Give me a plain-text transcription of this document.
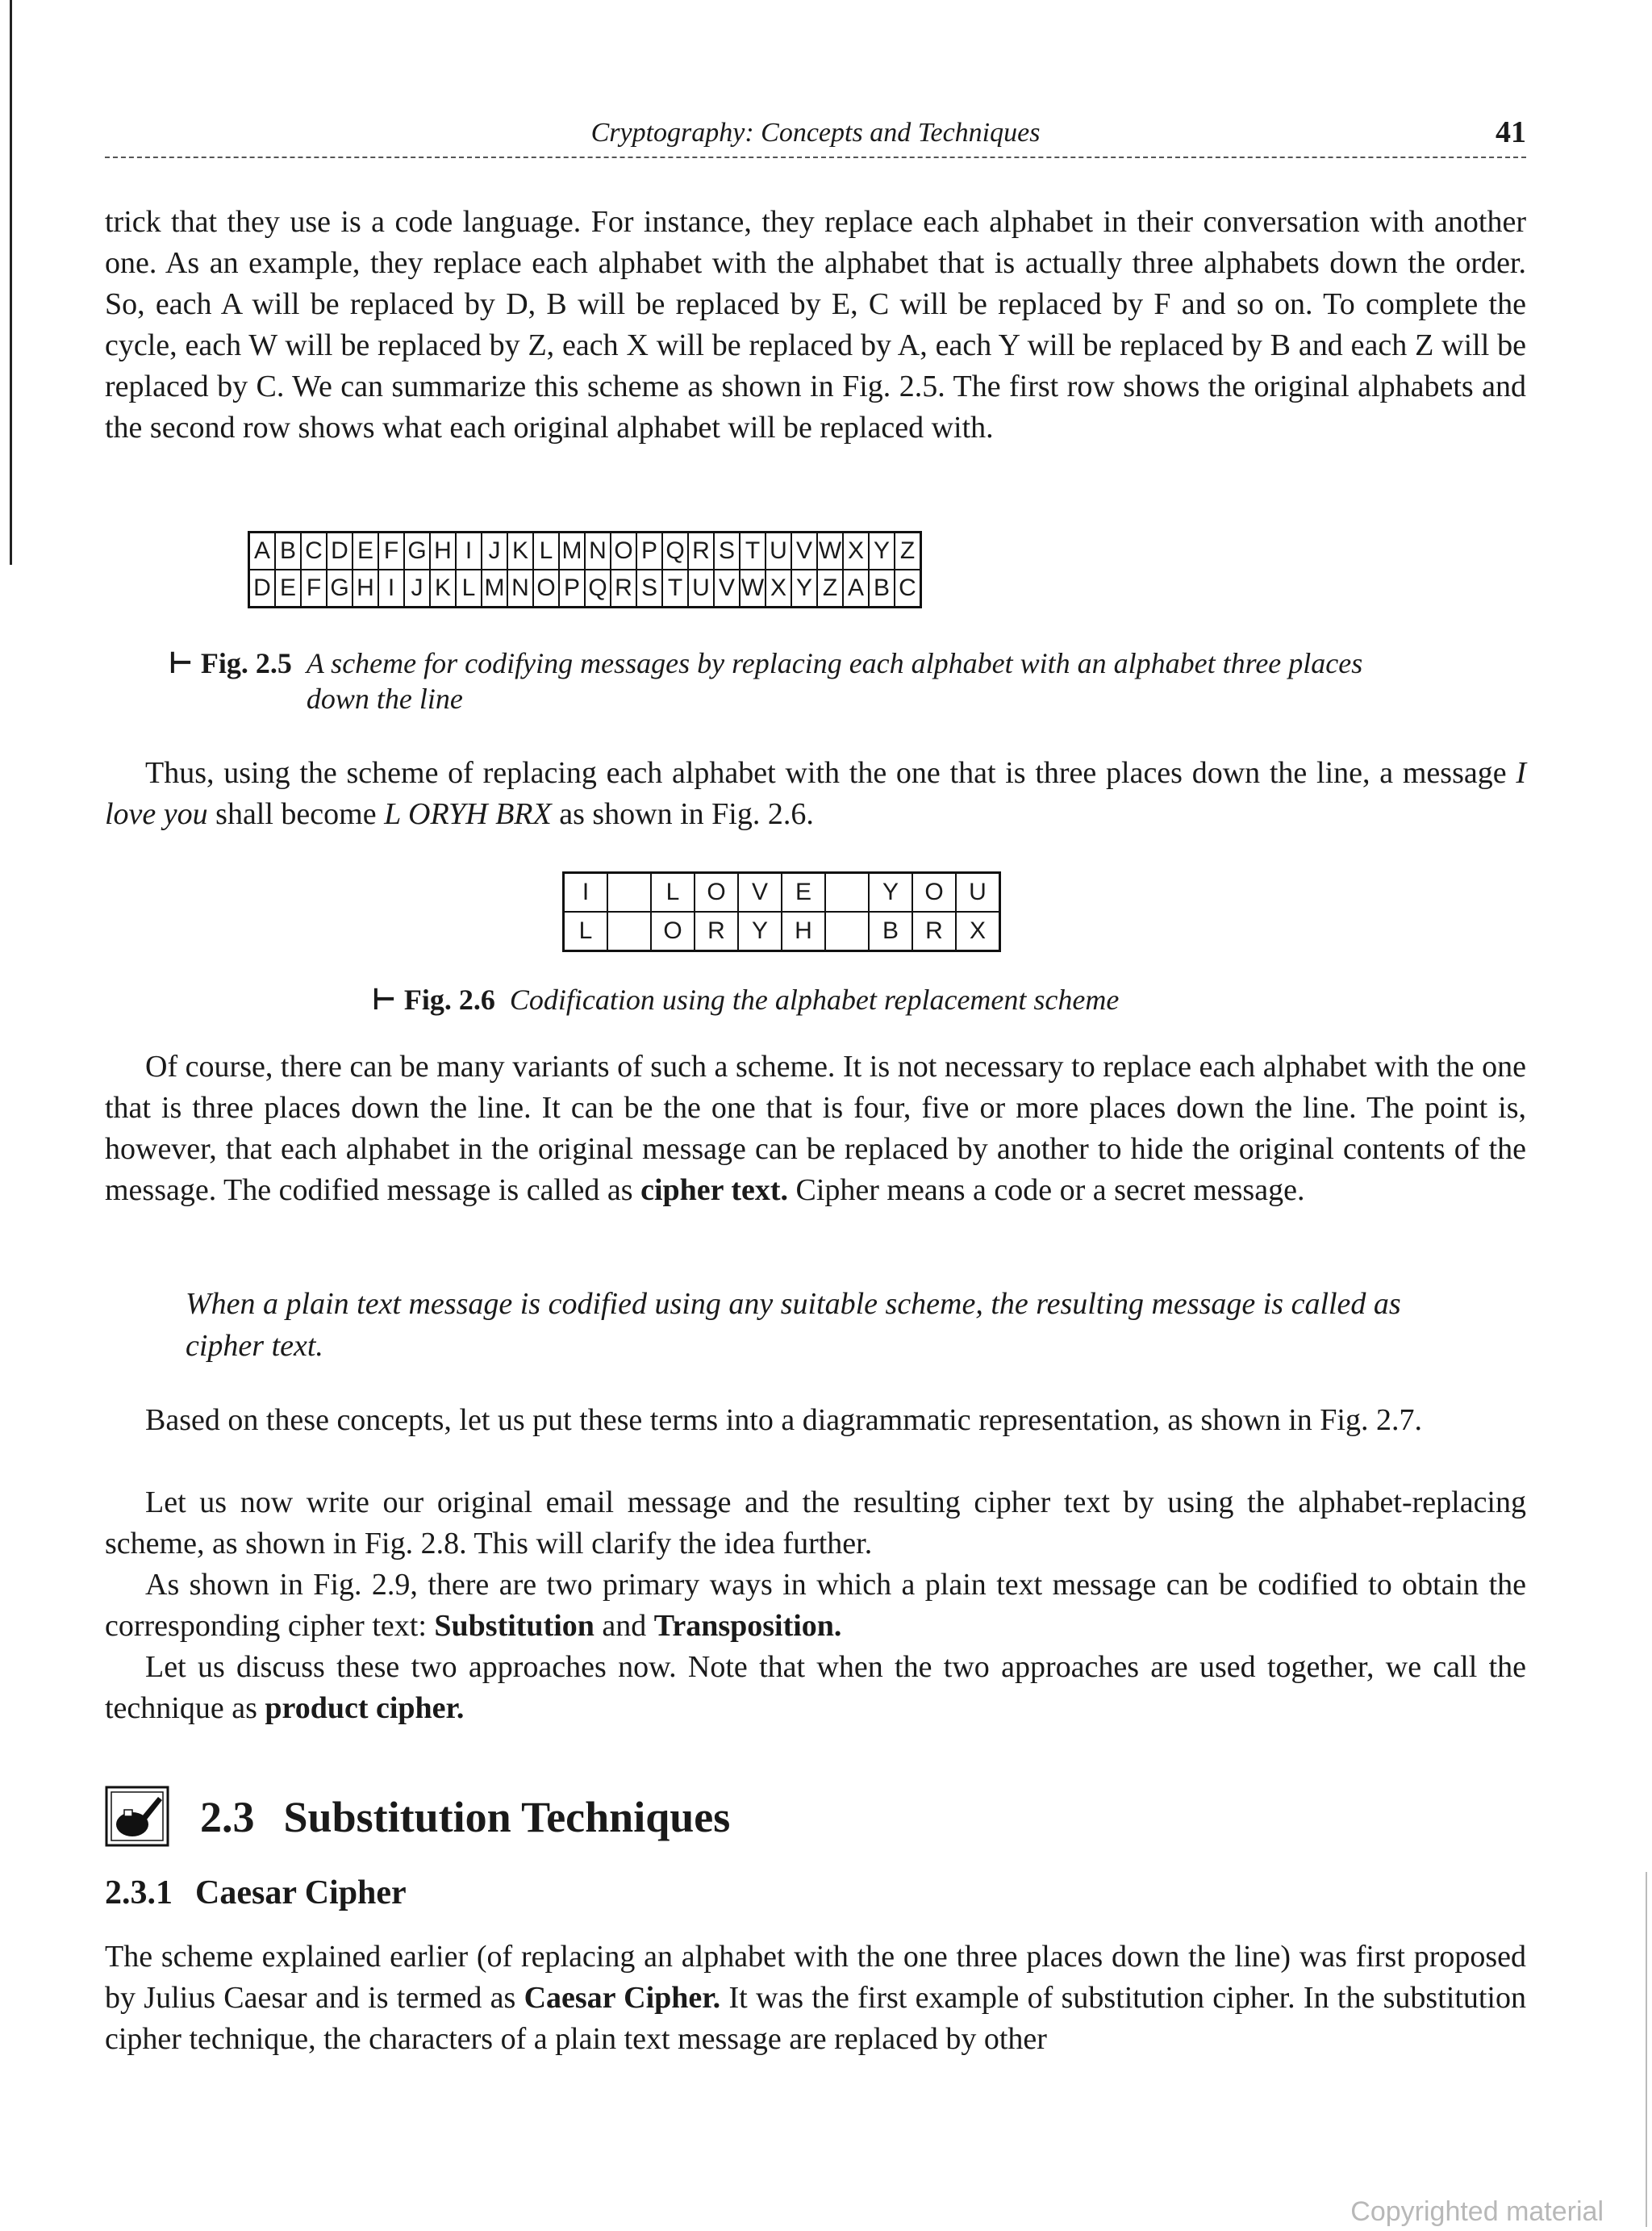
Cryptography: Concepts and Techniques	41

trick that they use is a code language. For instance, they replace each alphabet in their conversation with another one. As an example, they replace each alphabet with the alphabet that is actually three alphabets down the order. So, each A will be replaced by D, B will be replaced by E, C will be replaced by F and so on. To complete the cycle, each W will be replaced by Z, each X will be replaced by A, each Y will be replaced by B and each Z will be replaced by C. We can summarize this scheme as shown in Fig. 2.5. The first row shows the original alphabets and the second row shows what each original alphabet will be replaced with.

A	B	C	D	E	F	G	H	I	J	K	L	M	N	O	P	Q	R	S	T	U	V	W	X	Y	Z
D	E	F	G	H	I	J	K	L	M	N	O	P	Q	R	S	T	U	V	W	X	Y	Z	A	B	C
⊢ Fig. 2.5 A scheme for codifying messages by replacing each alphabet with an alphabet three places down the line

Thus, using the scheme of replacing each alphabet with the one that is three places down the line, a message I love you shall become L ORYH BRX as shown in Fig. 2.6.

I		L	O	V	E		Y	O	U
L		O	R	Y	H		B	R	X
⊢ Fig. 2.6 Codification using the alphabet replacement scheme

Of course, there can be many variants of such a scheme. It is not necessary to replace each alphabet with the one that is three places down the line. It can be the one that is four, five or more places down the line. The point is, however, that each alphabet in the original message can be replaced by another to hide the original contents of the message. The codified message is called as cipher text. Cipher means a code or a secret message.

When a plain text message is codified using any suitable scheme, the resulting message is called as cipher text.

Based on these concepts, let us put these terms into a diagrammatic representation, as shown in Fig. 2.7.

Let us now write our original email message and the resulting cipher text by using the alphabet-replacing scheme, as shown in Fig. 2.8. This will clarify the idea further.

As shown in Fig. 2.9, there are two primary ways in which a plain text message can be codified to obtain the corresponding cipher text: Substitution and Transposition.

Let us discuss these two approaches now. Note that when the two approaches are used together, we call the technique as product cipher.

2.3 Substitution Techniques
2.3.1 Caesar Cipher

The scheme explained earlier (of replacing an alphabet with the one three places down the line) was first proposed by Julius Caesar and is termed as Caesar Cipher. It was the first example of substitution cipher. In the substitution cipher technique, the characters of a plain text message are replaced by other

Copyrighted material
